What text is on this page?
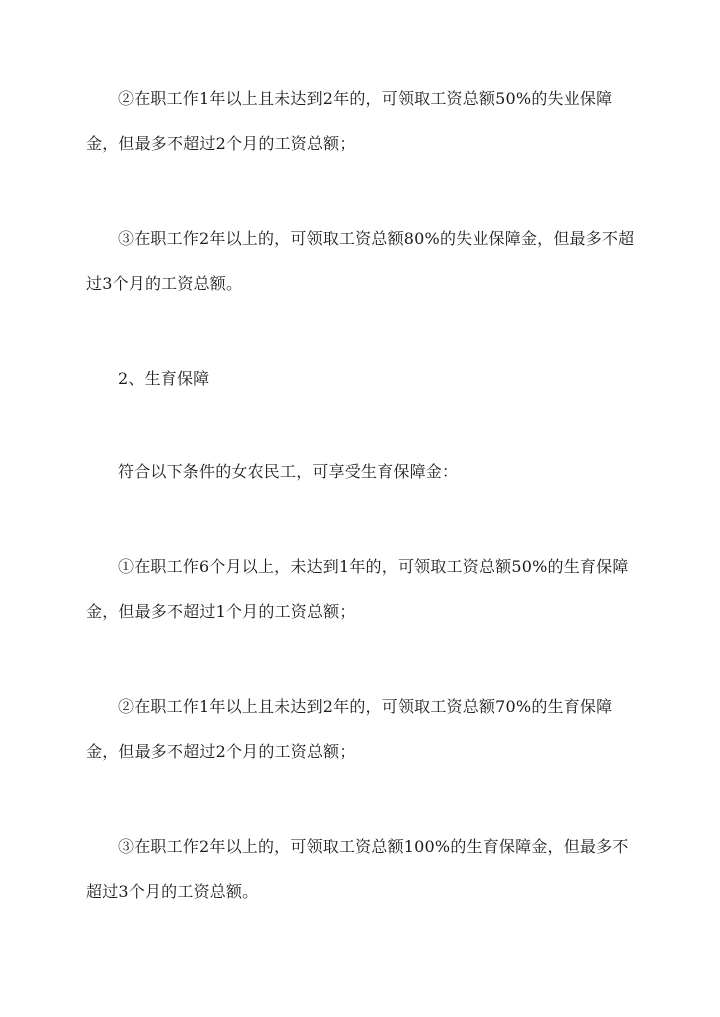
②在职工作1年以上且未达到2年的，可领取工资总额50%的失业保障金，但最多不超过2个月的工资总额；

③在职工作2年以上的，可领取工资总额80%的失业保障金，但最多不超过3个月的工资总额。

2、生育保障

符合以下条件的女农民工，可享受生育保障金：

①在职工作6个月以上，未达到1年的，可领取工资总额50%的生育保障金，但最多不超过1个月的工资总额；

②在职工作1年以上且未达到2年的，可领取工资总额70%的生育保障金，但最多不超过2个月的工资总额；

③在职工作2年以上的，可领取工资总额100%的生育保障金，但最多不超过3个月的工资总额。
